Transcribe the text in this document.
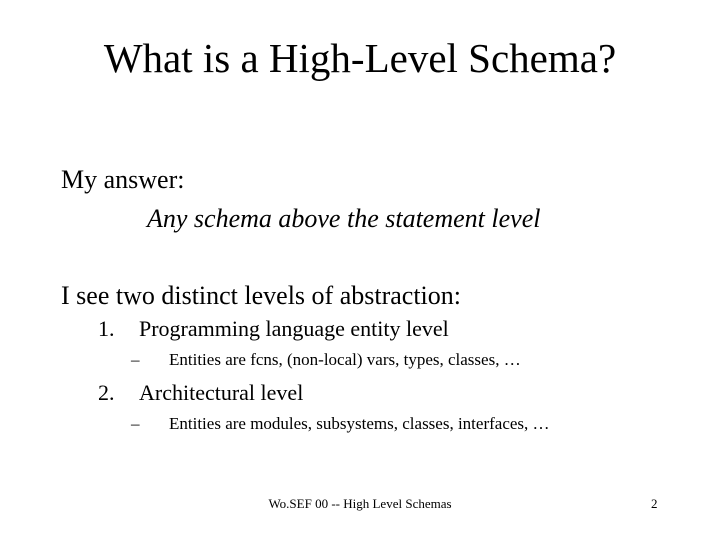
What is a High-Level Schema?
My answer:
Any schema above the statement level
I see two distinct levels of abstraction:
1. Programming language entity level
– Entities are fcns, (non-local) vars, types, classes, …
2. Architectural level
– Entities are modules, subsystems, classes, interfaces, …
Wo.SEF 00 -- High Level Schemas	2
